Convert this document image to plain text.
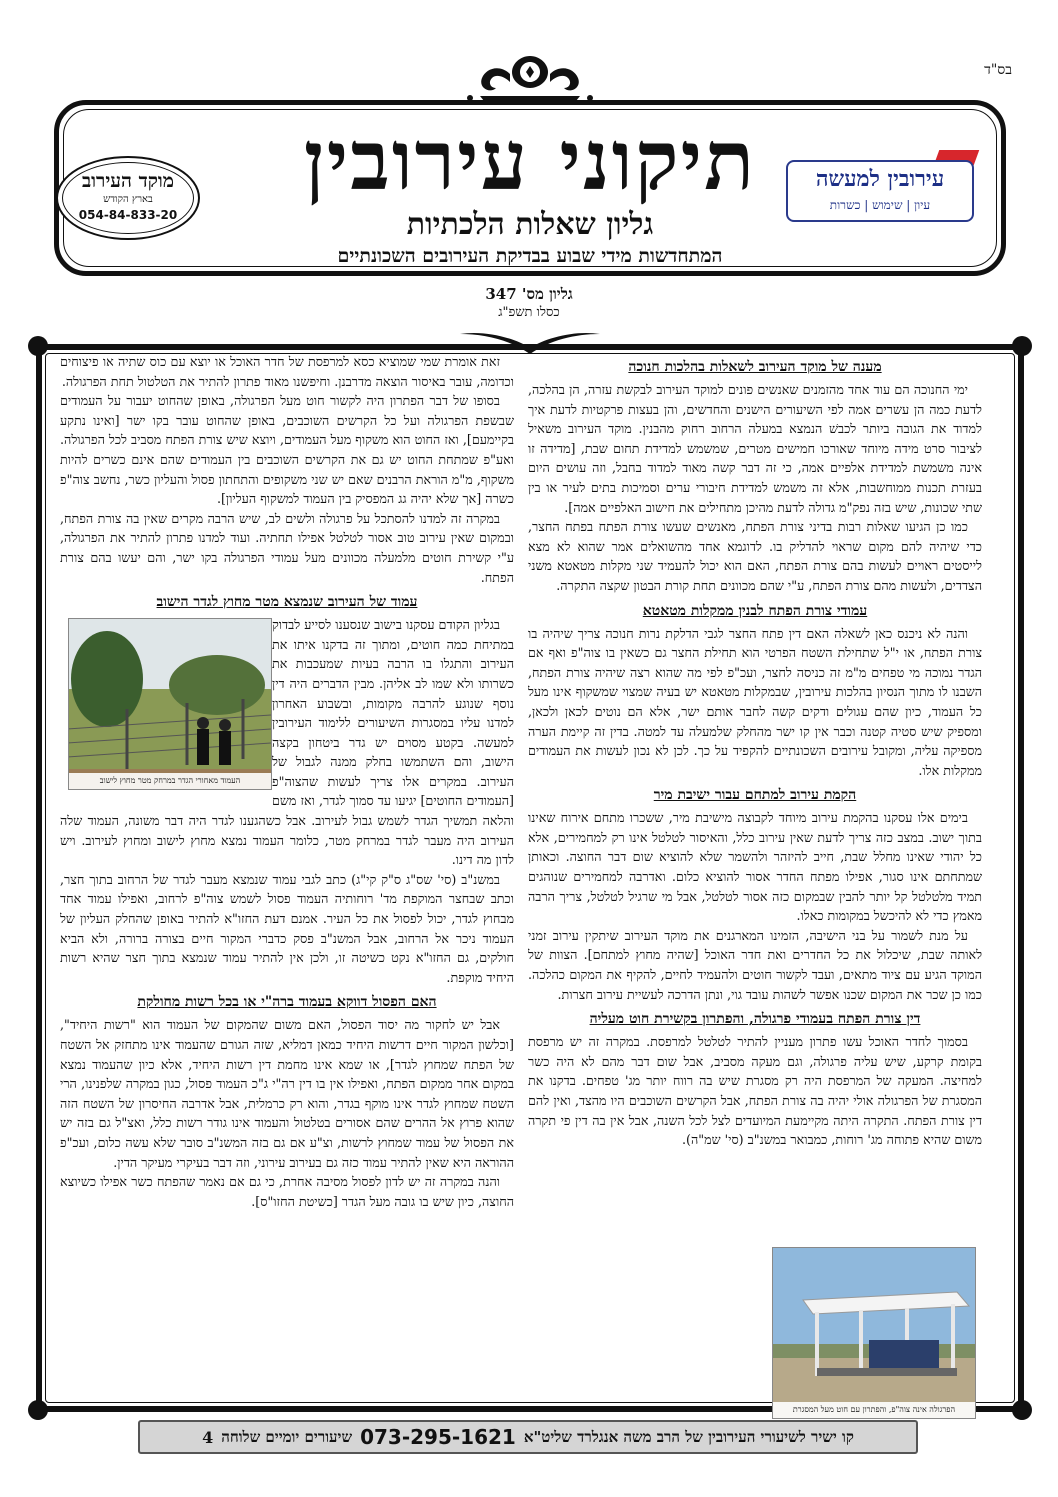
בס"ד
תיקוני עירובין
גליון שאלות הלכתיות
המתחדשות מידי שבוע בבדיקת העירובים השכונתיים
עירובין למעשה
עיון | שימוש | כשרות
מוקד העירוב
בארץ הקודש
054-84-833-20
גליון מס' 347
כסלו תשפ"ג
מענה של מוקד העירוב לשאלות בהלכות חנוכה

ימי החנוכה הם עוד אחד מהזמנים שאנשים פונים למוקד העירוב לבקשת עזרה, הן בהלכה, לדעת כמה הן עשרים אמה לפי השיעורים הישנים והחדשים, והן בעצות פרקטיות לדעת איך למדוד את הגובה ביותר לכבשׁ הנמצא במעלה הרחוב רחוק מהבנין. מוקד העירוב משאיל לציבור סרט מידה מיוחד שאורכו חמישים מטרים, שמשמש למדידת תחום שבת, [מדידה זו אינה משמשת למדידת אלפיים אמה, כי זה דבר קשה מאוד למדוד בחבל, וזה עושים היום בעזרת תכנות ממוחשבות, אלא זה משמש למדידת חיבורי ערים וסמיכות בתים לעיר או בין שתי שכונות, שיש בזה נפק"מ גדולה לדעת מהיכן מתחילים את חישוב האלפיים אמה].

כמו כן הגיעו שאלות רבות בדיני צורת הפתח, מאנשים שעשו צורת הפתח בפתח החצר, כדי שיהיה להם מקום שראוי להדליק בו. לדוגמא אחד מהשואלים אמר שהוא לא מצא לייסטים ראויים לעשות בהם צורת הפתח, האם הוא יכול להעמיד שני מקלות מטאטא משני הצדדים, ולעשות מהם צורת הפתח, ע"י שהם מכוונים תחת קורת הבטון שקצה התקרה.

עמודי צורת הפתח לבנין ממקלות מטאטא

והנה לא ניכנס כאן לשאלה האם דין פתח החצר לגבי הדלקת נרות חנוכה צריך שיהיה בו צורת הפתח, או י"ל שתחילת השטח הפרטי הוא תחילת החצר גם כשאין בו צוה"פ ואף אם הגדר נמוכה מי טפחים מ"מ זה כניסה לחצר, ועכ"פ לפי מה שהוא רצה שיהיה צורת הפתח, השבנו לו מתוך הנסיון בהלכות עירובין, שבמקלות מטאטא יש בעיה שמצוי שמשקוף אינו מעל כל העמוד, כיון שהם עגולים ודקים קשה לחבר אותם ישר, אלא הם נוטים לכאן ולכאן, ומספיק שיש סטיה קטנה וכבר אין קו ישר מהחלק שלמעלה עד למטה. בדין זה קיימת הערה מספיקה עליה, ומקובל עירובים השכונתיים להקפיד על כך. לכן לא נכון לעשות את העמודים ממקלות אלו.

הקמת עירוב למתחם עבור ישיבת מיר

בימים אלו עסקנו בהקמת עירוב מיוחד לקבוצה מישיבת מיר, ששכרו מתחם אירוח שאינו בתוך ישוב. במצב כזה צריך לדעת שאין עירוב כלל, והאיסור לטלטל אינו רק למחמירים, אלא כל יהודי שאינו מחלל שבת, חייב להיזהר ולהשמר שלא להוציא שום דבר החוצה. וכאותן שמתחתם אינו סגור, אפילו מפתח החדר אסור להוציא כלום. ואדרבה למחמירים שנוהגים תמיד מלטלטל קל יותר להבין שבמקום כזה אסור לטלטל, אבל מי שרגיל לטלטל, צריך הרבה מאמץ כדי לא להיכשל במקומות כאלו.

על מנת לשמור על בני הישיבה, הזמינו המארגנים את מוקד העירוב שיתקין עירוב זמני לאותה שבת, שיכלול את כל החדרים ואת חדר האוכל [שהיה מחוץ למתחם]. הצוות של המוקד הגיע עם ציוד מתאים, ועבד לקשור חוטים ולהעמיד לחיים, להקיף את המקום כהלכה. כמו כן שכר את המקום שכנו אפשר לשהות עובד גוי, ונתן הדרכה לעשיית עירוב חצרות.

דין צורת הפתח בעמודי פרגולה, והפתרון בקשירת חוט מעליה

בסמוך לחדר האוכל עשו פתרון מעניין להתיר לטלטל למרפסת. במקרה זה יש מרפסת בקומת קרקע, שיש עליה פרגולה, וגם מעקה מסביב, אבל שום דבר מהם לא היה כשר למחיצה. המעקה של המרפסת היה רק מסגרת שיש בה רווח יותר מג' טפחים. בדקנו את המסגרת של הפרגולה אולי יהיה בה צורת הפתח, אבל הקרשים השוכבים היו מהצד, ואין להם דין צורת הפתח. התקרה היתה מקיימעת המיועדים לצל לכל השנה, אבל אין בה דין פי תקרה משום שהיא פתוחה מג' רוחות, כמבואר במשנ"ב (סי' שמ"ה).

הפרגולה אינה צוה"פ, והפתרון עם חוט מעל המסגרת

זאת אומרת שמי שמוציא כסא למרפסת של חדר האוכל או יוצא עם כוס שתיה או פיצוחים וכדומה, עובר באיסור הוצאה מדרבנן. וחיפשנו מאוד פתרון להתיר את הטלטול תחת הפרגולה.

בסופו של דבר הפתרון היה לקשור חוט מעל הפרגולה, באופן שהחוט יעבור על העמודים שבשפת הפרגולה ועל כל הקרשים השוכבים, באופן שהחוט עובר בקו ישר [ואינו נתקע בקיימעם], ואז החוט הוא משקוף מעל העמודים, ויוצא שיש צורת הפתח מסביב לכל הפרגולה. ואע"פ שמתחת החוט יש גם את הקרשים השוכבים בין העמודים שהם אינם כשרים להיות משקוף, מ"מ הוראת הרבנים שאם יש שני משקופים והתחתון פסול והעליון כשר, נחשב צוה"פ כשרה [אך שלא יהיה גג המפסיק בין העמוד למשקוף העליון].

במקרה זה למדנו להסתכל על פרגולה ולשים לב, שיש הרבה מקרים שאין בה צורת הפתח, ובמקום שאין עירוב טוב אסור לטלטל אפילו תחתיה. ועוד למדנו פתרון להתיר את הפרגולה, ע"י קשירת חוטים מלמעלה מכוונים מעל עמודי הפרגולה בקו ישר, והם יעשו בהם צורת הפתח.

עמוד של העירוב שנמצא מטר מחוץ לגדר הישוב
העמוד מאחורי הגדר במרחק מטר מחוץ לישוב

בגליון הקודם עסקנו בישוב שנסענו לסייע לבדוק במתיחת כמה חוטים, ומתוך זה בדקנו איתו את העירוב והתגלו בו הרבה בעיות שמעכבות את כשרותו ולא שמו לב אליהן. מבין הדברים היה דין נוסף שנוגע להרבה מקומות, ובשבוע האחרון למדנו עליו במסגרות השיעורים ללימוד העירובין למעשה. בקטע מסוים יש גדר ביטחון בקצה הישוב, והם השתמשו בחלק ממנה לגבול של העירוב. במקרים אלו צריך לעשות שהצוה"פ [העמודים החוטים] יגיעו עד סמוך לגדר, ואז משם והלאה תמשיך הגדר לשמש גבול לעירוב. אבל כשהגענו לגדר היה דבר משונה, העמוד שלה העירוב היה מעבר לגדר במרחק מטר, כלומר העמוד נמצא מחוץ לישוב ומחוץ לעירוב. ויש לדון מה דינו.

במשנ"ב (סי' שס"ג ס"ק קי"ג) כתב לגבי עמוד שנמצא מעבר לגדר של הרחוב בתוך חצר, וכתב שבחצר המוקפת מד' רוחותיה העמוד פסול לשמש צוה"פ לרחוב, ואפילו עמוד אחד מבחוץ לגדר, יכול לפסול את כל העיר. אמנם דעת החזו"א להתיר באופן שהחלק העליון של העמוד ניכר אל הרחוב, אבל המשנ"ב פסק כדברי המקור חיים בצורה ברורה, ולא הביא חולקים, גם החזו"א נקט כשיטה זו, ולכן אין להתיר עמוד שנמצא בתוך חצר שהיא רשות היחיד מוקפת.

האם הפסול דווקא בעמוד ברה"י או בכל רשות מחולקת

אבל יש לחקור מה יסוד הפסול, האם משום שהמקום של העמוד הוא "רשות היחיד", [וכלשון המקור חיים דרשות היחיד כמאן דמליא, שזה הגורם שהעמוד אינו מתחזק אל השטח של הפתח שמחוץ לגדר], או שמא אינו מחמת דין רשות היחיד, אלא כיון שהעמוד נמצא במקום אחר ממקום הפתח, ואפילו אין בו דין רה"י ג"כ העמוד פסול, כגון במקרה שלפנינו, הרי השטח שמחוץ לגדר אינו מוקף בגדר, והוא רק כרמלית, אבל אדרבה החיסרון של השטח הזה שהוא פרוץ אל ההרים שהם אסורים בטלטול והעמוד אינו גודר רשות כלל, ואצ"ל גם בזה יש את הפסול של עמוד שמחוץ לרשות, וצ"ע אם גם בזה המשנ"ב סובר שלא עשה כלום, ועכ"פ ההוראה היא שאין להתיר עמוד כזה גם בעירוב עירוני, וזה דבר בעיקרי מעיקר הדין.

והנה במקרה זה יש לדון לפסול מסיבה אחרת, כי גם אם נאמר שהפתח כשר אפילו כשיוצא החוצה, כיון שיש בו גובה מעל הגדר [כשיטת החזו"ס].

קו ישיר לשיעורי העירובין של הרב משה אנגלרד שליט"א
073-295-1621
שיעורים יומיים שלוחה
4
